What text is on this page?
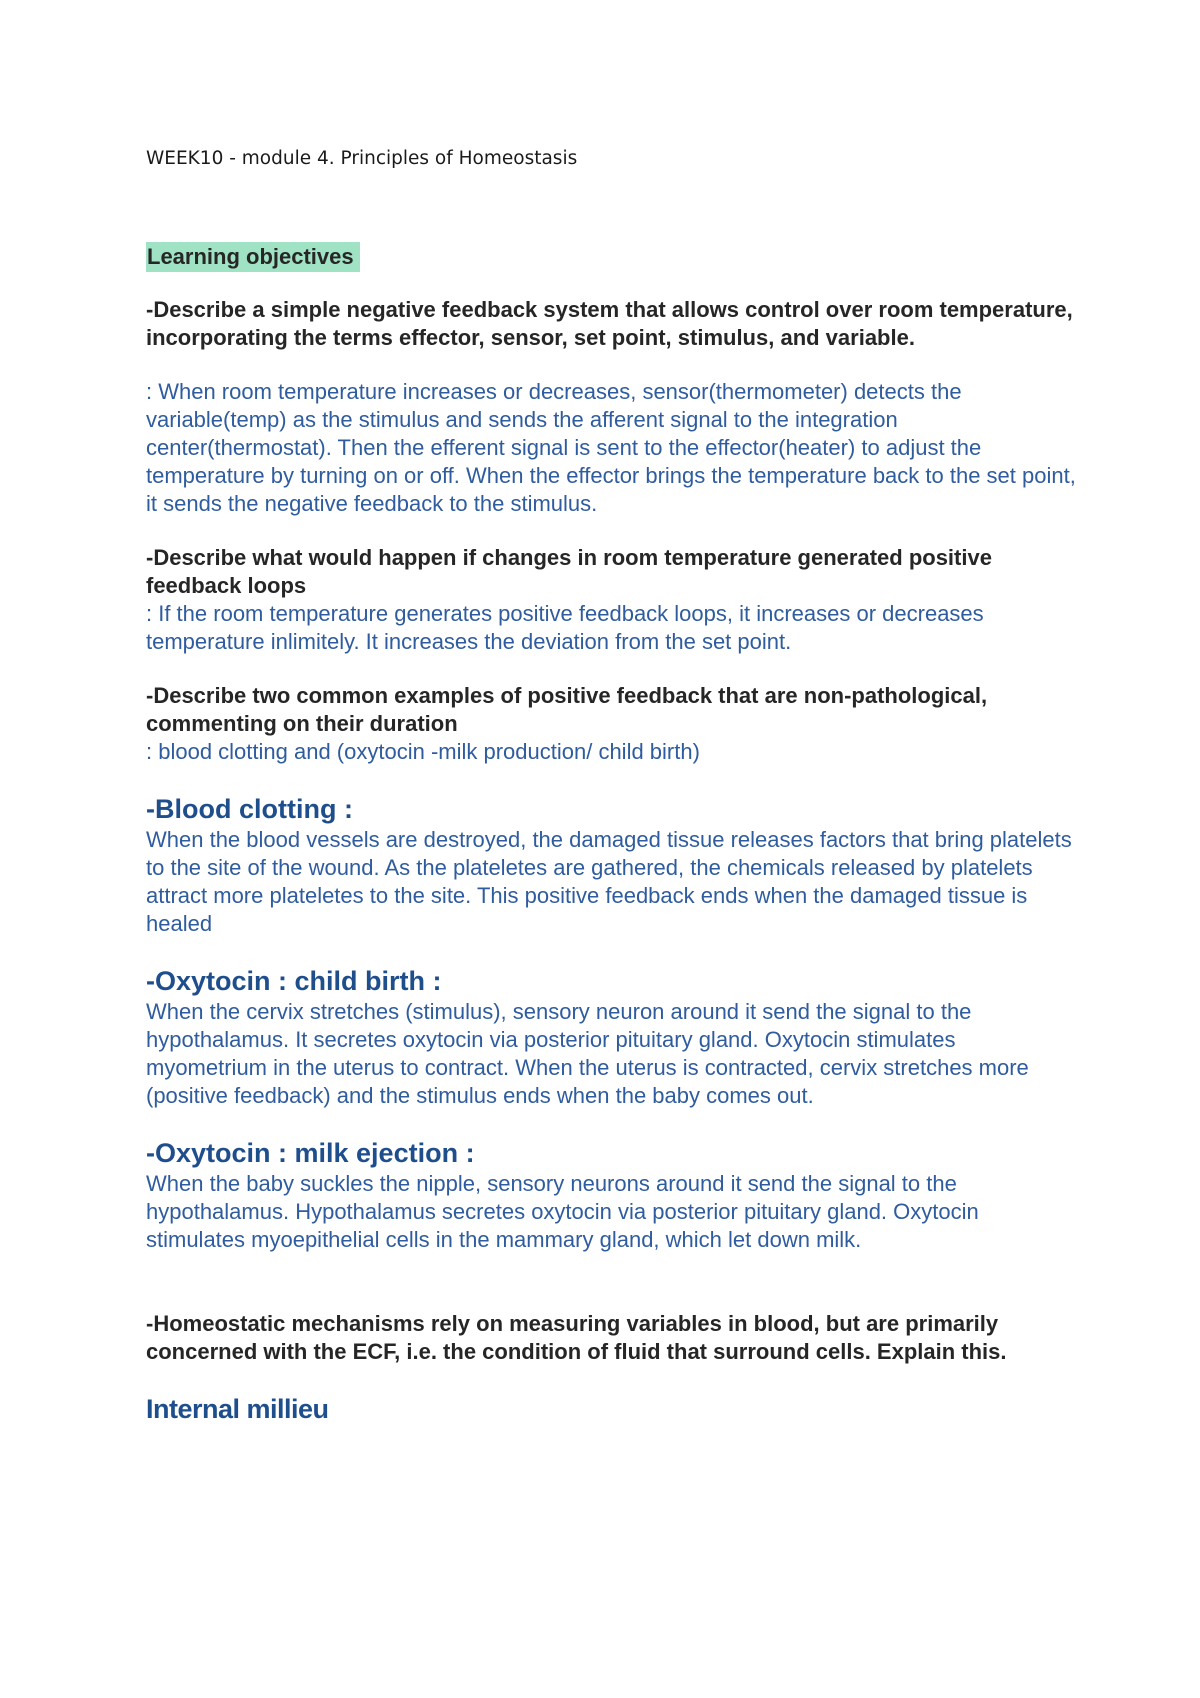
WEEK10 - module 4. Principles of Homeostasis
Learning objectives

-Describe a simple negative feedback system that allows control over room temperature, incorporating the terms effector, sensor, set point, stimulus, and variable.

: When room temperature increases or decreases, sensor(thermometer) detects the variable(temp) as the stimulus and sends the afferent signal to the integration center(thermostat). Then the efferent signal is sent to the effector(heater) to adjust the temperature by turning on or off. When the effector brings the temperature back to the set point, it sends the negative feedback to the stimulus.

-Describe what would happen if changes in room temperature generated positive feedback loops

: If the room temperature generates positive feedback loops, it increases or decreases temperature inlimitely. It increases the deviation from the set point.

-Describe two common examples of positive feedback that are non-pathological, commenting on their duration

: blood clotting and (oxytocin -milk production/ child birth)

-Blood clotting :

When the blood vessels are destroyed, the damaged tissue releases factors that bring platelets to the site of the wound. As the plateletes are gathered, the chemicals released by platelets attract more plateletes to the site. This positive feedback ends when the damaged tissue is healed

-Oxytocin : child birth :

When the cervix stretches (stimulus), sensory neuron around it send the signal to the hypothalamus. It secretes oxytocin via posterior pituitary gland. Oxytocin stimulates myometrium in the uterus to contract. When the uterus is contracted, cervix stretches more (positive feedback) and the stimulus ends when the baby comes out.

-Oxytocin : milk ejection :

When the baby suckles the nipple, sensory neurons around it send the signal to the hypothalamus. Hypothalamus secretes oxytocin via posterior pituitary gland. Oxytocin stimulates myoepithelial cells in the mammary gland, which let down milk.

-Homeostatic mechanisms rely on measuring variables in blood, but are primarily concerned with the ECF, i.e. the condition of fluid that surround cells. Explain this.

Internal millieu
